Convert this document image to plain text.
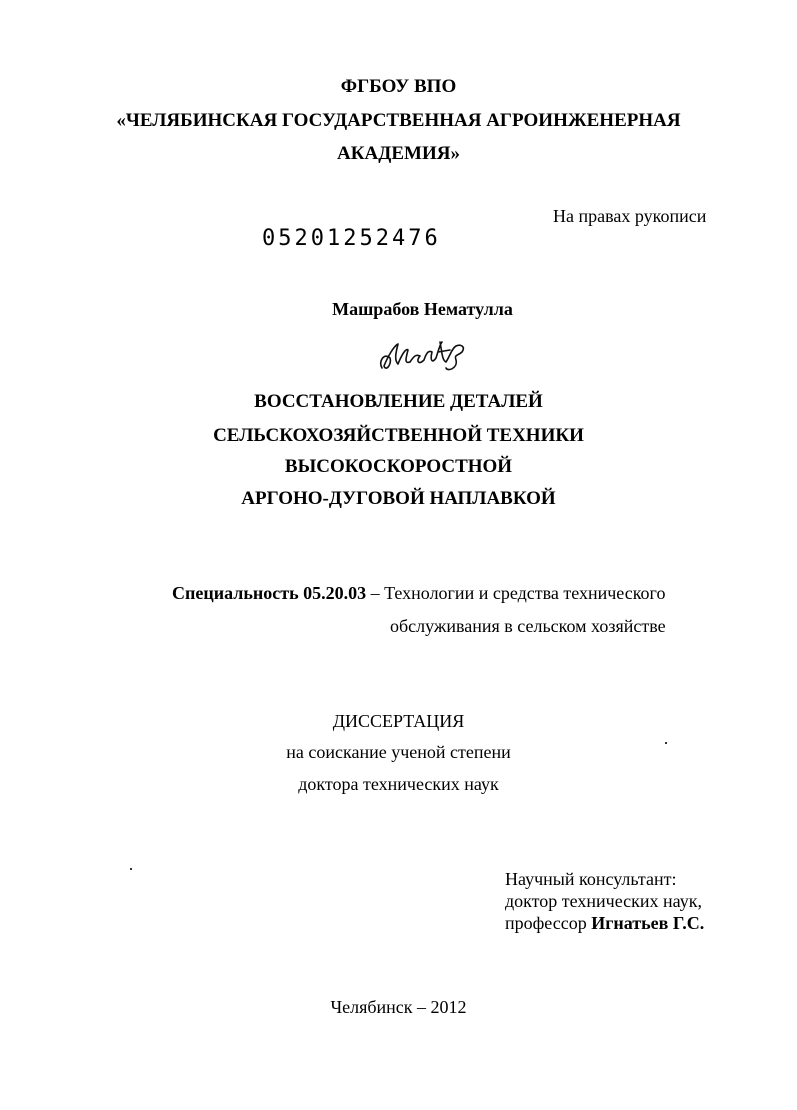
ФГБОУ ВПО
«ЧЕЛЯБИНСКАЯ ГОСУДАРСТВЕННАЯ АГРОИНЖЕНЕРНАЯ
АКАДЕМИЯ»
На правах рукописи
05201252476
Машрабов Нематулла
ВОССТАНОВЛЕНИЕ ДЕТАЛЕЙ
СЕЛЬСКОХОЗЯЙСТВЕННОЙ ТЕХНИКИ
ВЫСОКОСКОРОСТНОЙ
АРГОНО-ДУГОВОЙ НАПЛАВКОЙ
Специальность 05.20.03 – Технологии и средства технического
обслуживания в сельском хозяйстве
ДИССЕРТАЦИЯ
на соискание ученой степени
доктора технических наук
Научный консультант:
доктор технических наук,
профессор Игнатьев Г.С.
Челябинск – 2012
